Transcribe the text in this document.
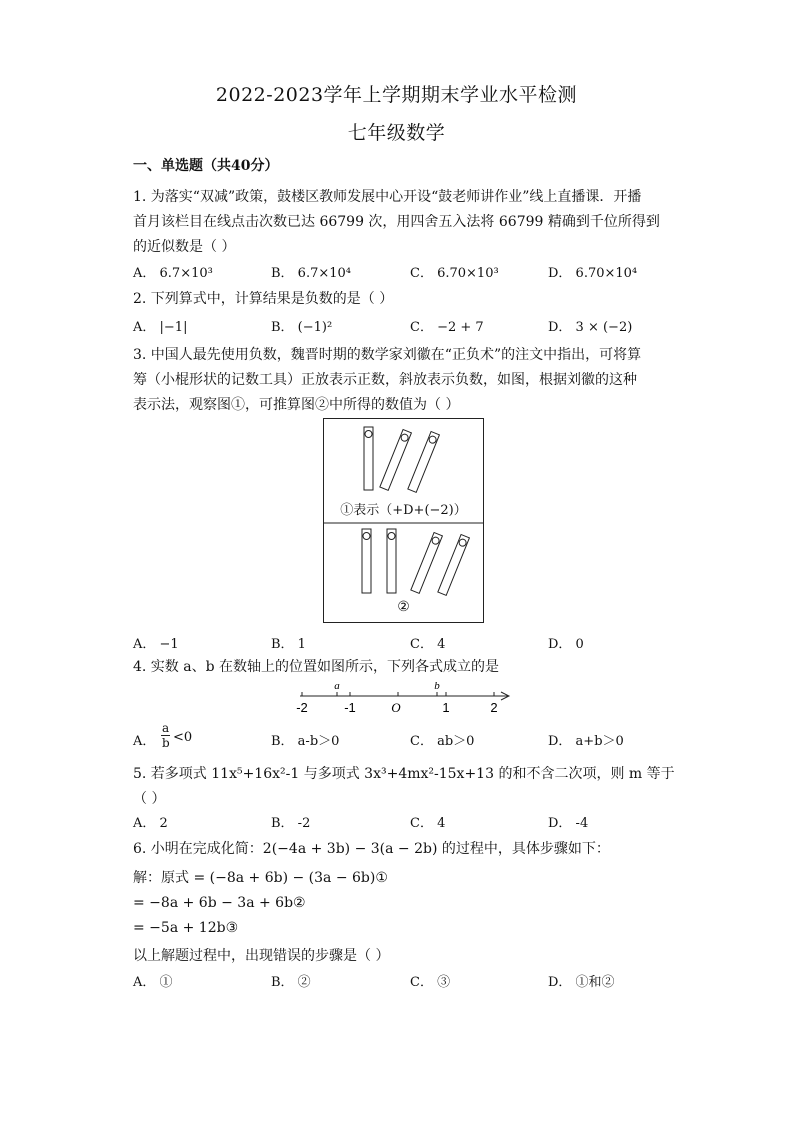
2022-2023学年上学期期末学业水平检测
七年级数学
一、单选题（共40分）
1. 为落实“双减”政策，鼓楼区教师发展中心开设“鼓老师讲作业”线上直播课．开播
首月该栏目在线点击次数已达 66799 次，用四舍五入法将 66799 精确到千位所得到
的近似数是（ ）
A． 6.7×10³	B． 6.7×10⁴	C． 6.70×10³	D． 6.70×10⁴
2. 下列算式中，计算结果是负数的是（ ）
A． |−1|	B． (−1)²	C． −2 + 7	D． 3 × (−2)
3. 中国人最先使用负数，魏晋时期的数学家刘徽在“正负术”的注文中指出，可将算
筹（小棍形状的记数工具）正放表示正数，斜放表示负数，如图，根据刘徽的这种
表示法，观察图①，可推算图②中所得的数值为（ ）
①表示（+D+(−2)）
②
A． −1	B． 1	C． 4	D． 0
4. 实数 a、b 在数轴上的位置如图所示，下列各式成立的是
a	b
-2	-1	O	1	2
A．
a
b <0	B． a-b＞0	C． ab＞0	D． a+b＞0
5. 若多项式 11x⁵+16x²-1 与多项式 3x³+4mx²-15x+13 的和不含二次项，则 m 等于
（ ）
A． 2	B． -2	C． 4	D． -4
6. 小明在完成化简：2(−4a + 3b) − 3(a − 2b) 的过程中，具体步骤如下：
解：原式 = (−8a + 6b) − (3a − 6b)①
= −8a + 6b − 3a + 6b②
= −5a + 12b③
以上解题过程中，出现错误的步骤是（ ）
A． ①	B． ②	C． ③	D． ①和②
